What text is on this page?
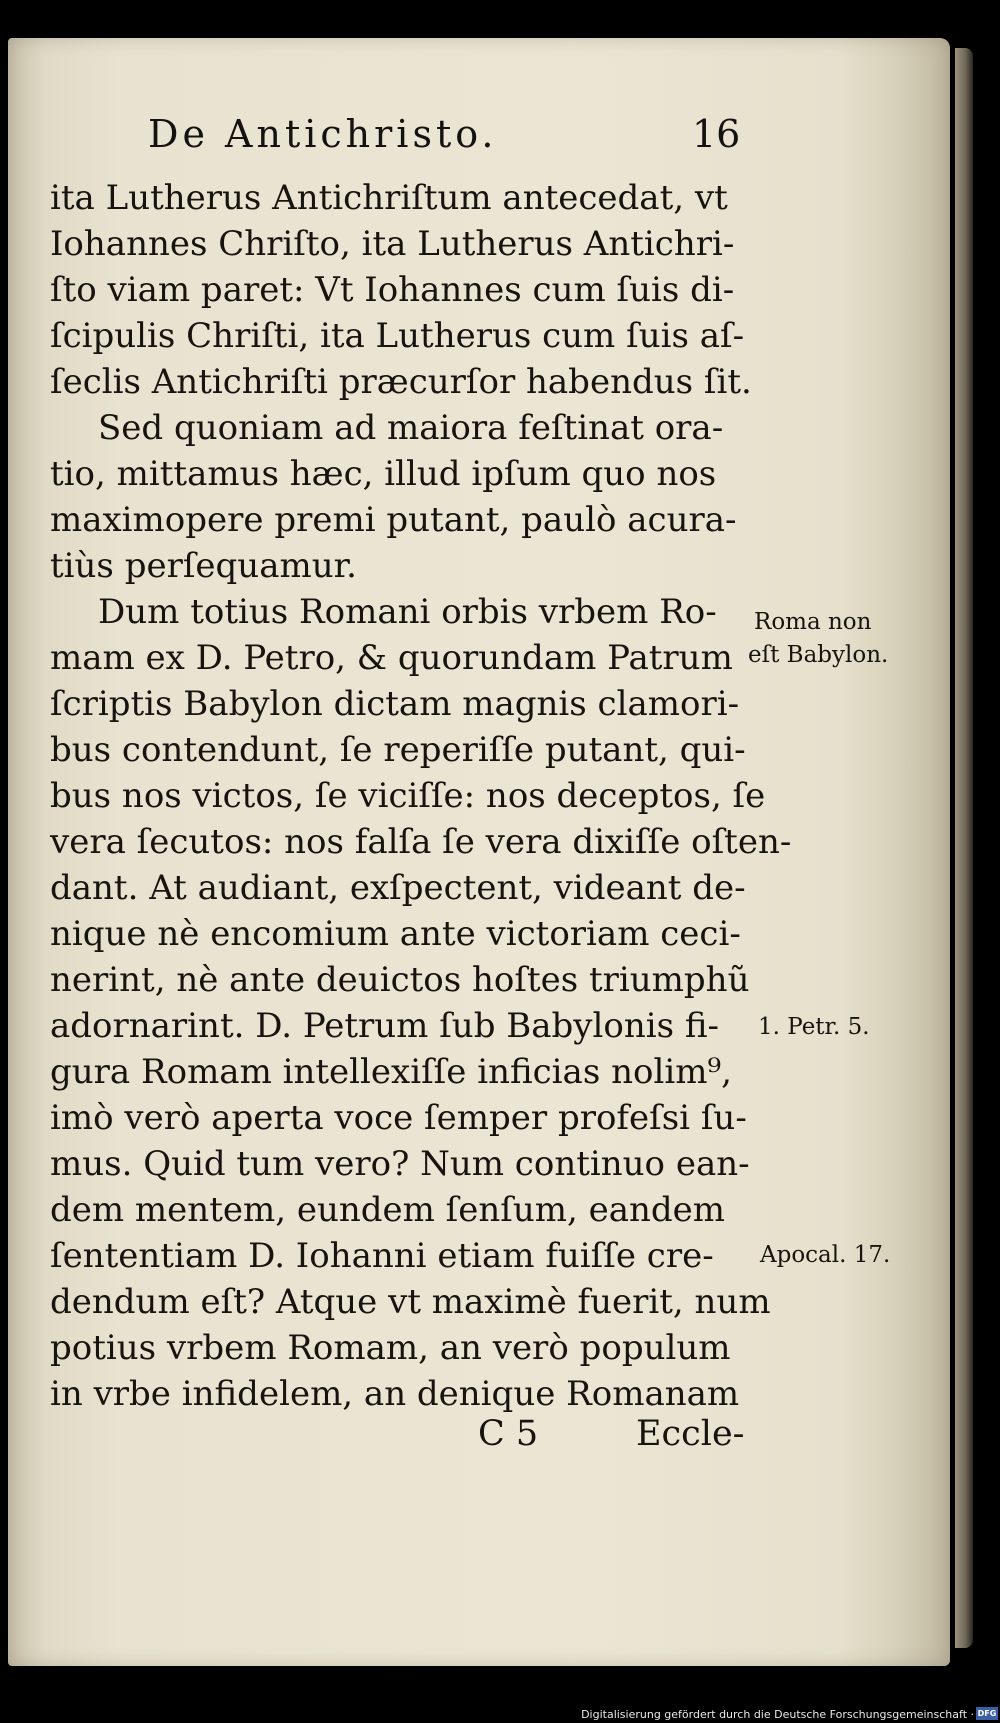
De Antichristo.	16
ita Lutherus Antichriſtum antecedat, vt
Iohannes Chriſto, ita Lutherus Antichri-
ſto viam paret: Vt Iohannes cum ſuis di-
ſcipulis Chriſti, ita Lutherus cum ſuis aſ-
ſeclis Antichriſti præcurſor habendus ſit.
Sed quoniam ad maiora feſtinat ora-
tio, mittamus hæc, illud ipſum quo nos
maximopere premi putant, paulò acura-
tiùs perſequamur.
Dum totius Romani orbis vrbem Ro-
mam ex D. Petro, & quorundam Patrum
ſcriptis Babylon dictam magnis clamori-
bus contendunt, ſe reperiſſe putant, qui-
bus nos victos, ſe viciſſe: nos deceptos, ſe
vera ſecutos: nos falſa ſe vera dixiſſe oſten-
dant. At audiant, exſpectent, videant de-
nique nè encomium ante victoriam ceci-
nerint, nè ante deuictos hoſtes triumphũ
adornarint. D. Petrum ſub Babylonis fi-
gura Romam intellexiſſe inficias nolim⁹,
imò verò aperta voce ſemper profeſsi ſu-
mus. Quid tum vero? Num continuo ean-
dem mentem, eundem ſenſum, eandem
ſententiam D. Iohanni etiam fuiſſe cre-
dendum eſt? Atque vt maximè fuerit, num
potius vrbem Romam, an verò populum
in vrbe infidelem, an denique Romanam
Roma non
eſt Babylon.
1. Petr. 5.
Apocal. 17.
C 5	Eccle-
Digitalisierung gefördert durch die Deutsche Forschungsgemeinschaft · DFG
